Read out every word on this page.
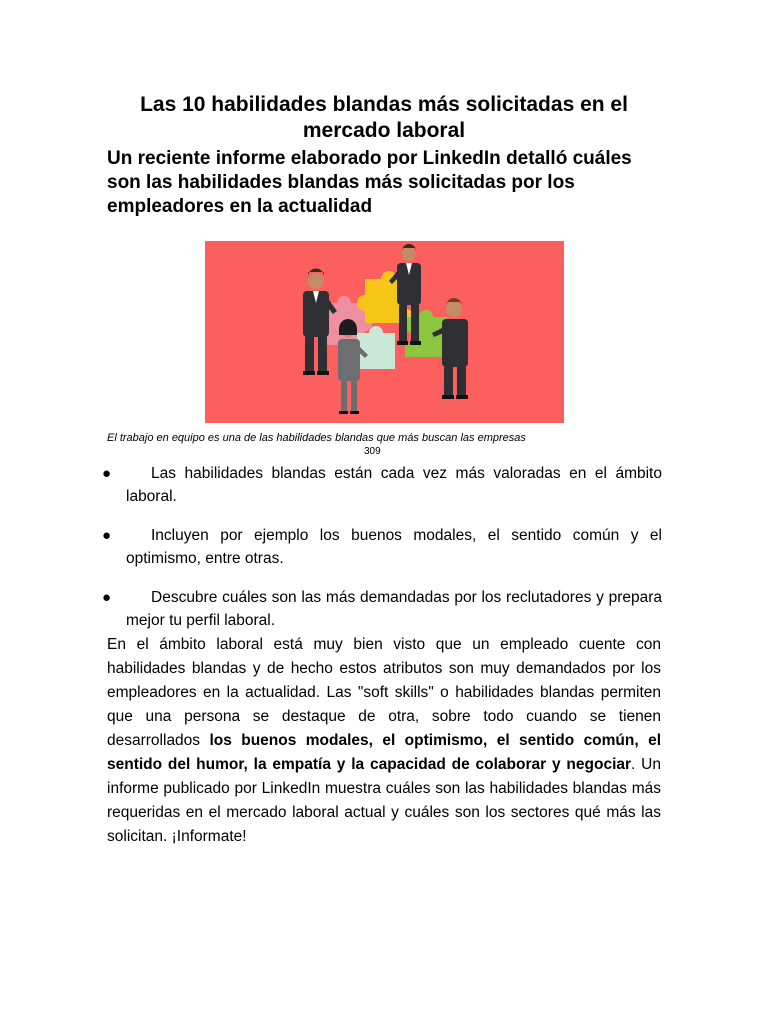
Las 10 habilidades blandas más solicitadas en el mercado laboral
Un reciente informe elaborado por LinkedIn detalló cuáles son las habilidades blandas más solicitadas por los empleadores en la actualidad

El trabajo en equipo es una de las habilidades blandas que más buscan las empresas

309
●	Las habilidades blandas están cada vez más valoradas en el ámbito laboral.
●	Incluyen por ejemplo los buenos modales, el sentido común y el optimismo, entre otras.
●	Descubre cuáles son las más demandadas por los reclutadores y prepara mejor tu perfil laboral.

En el ámbito laboral está muy bien visto que un empleado cuente con habilidades blandas y de hecho estos atributos son muy demandados por los empleadores en la actualidad. Las "soft skills" o habilidades blandas permiten que una persona se destaque de otra, sobre todo cuando se tienen desarrollados los buenos modales, el optimismo, el sentido común, el sentido del humor, la empatía y la capacidad de colaborar y negociar. Un informe publicado por LinkedIn muestra cuáles son las habilidades blandas más requeridas en el mercado laboral actual y cuáles son los sectores qué más las solicitan. ¡Informate!
